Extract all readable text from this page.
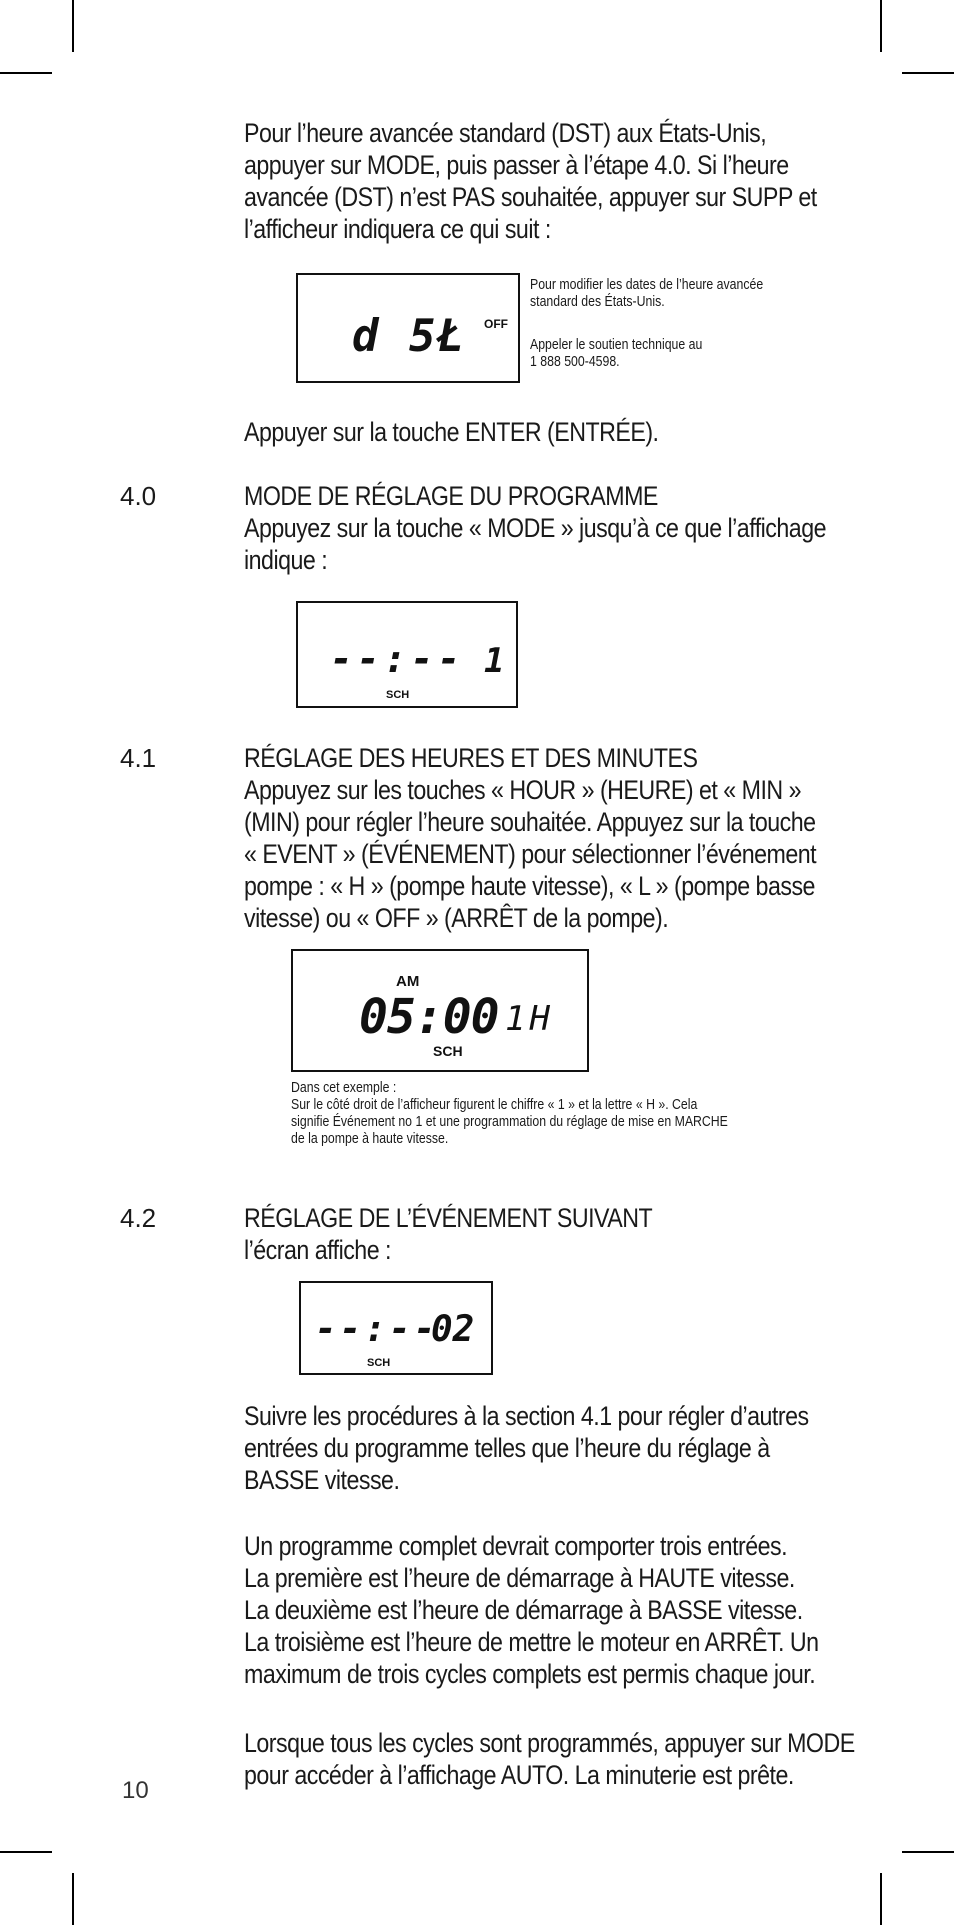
Pour l’heure avancée standard (DST) aux États-Unis,
appuyer sur MODE, puis passer à l’étape 4.0. Si l’heure
avancée (DST) n’est PAS souhaitée, appuyer sur SUPP et
l’afficheur indiquera ce qui suit :
d 5Ł OFF
Pour modifier les dates de l’heure avancée
standard des États-Unis.
Appeler le soutien technique au
1 888 500-4598.
Appuyer sur la touche ENTER (ENTRÉE).
4.0	MODE DE RÉGLAGE DU PROGRAMME
Appuyez sur la touche « MODE » jusqu’à ce que l’affichage
indique :
--:-- 1
SCH
4.1	RÉGLAGE DES HEURES ET DES MINUTES
Appuyez sur les touches « HOUR » (HEURE) et « MIN »
(MIN) pour régler l’heure souhaitée. Appuyez sur la touche
« EVENT » (ÉVÉNEMENT) pour sélectionner l’événement
pompe : « H » (pompe haute vitesse), « L » (pompe basse
vitesse) ou « OFF » (ARRÊT de la pompe).
AM
05:00 1H
SCH
Dans cet exemple :
Sur le côté droit de l’afficheur figurent le chiffre « 1 » et la lettre « H ». Cela
signifie Événement no 1 et une programmation du réglage de mise en MARCHE
de la pompe à haute vitesse.
4.2	RÉGLAGE DE L’ÉVÉNEMENT SUIVANT
l’écran affiche :
--:--
02
SCH
Suivre les procédures à la section 4.1 pour régler d’autres
entrées du programme telles que l’heure du réglage à
BASSE vitesse.
Un programme complet devrait comporter trois entrées.
La première est l’heure de démarrage à HAUTE vitesse.
La deuxième est l’heure de démarrage à BASSE vitesse.
La troisième est l’heure de mettre le moteur en ARRÊT. Un
maximum de trois cycles complets est permis chaque jour.
Lorsque tous les cycles sont programmés, appuyer sur MODE
pour accéder à l’affichage AUTO. La minuterie est prête.
10
